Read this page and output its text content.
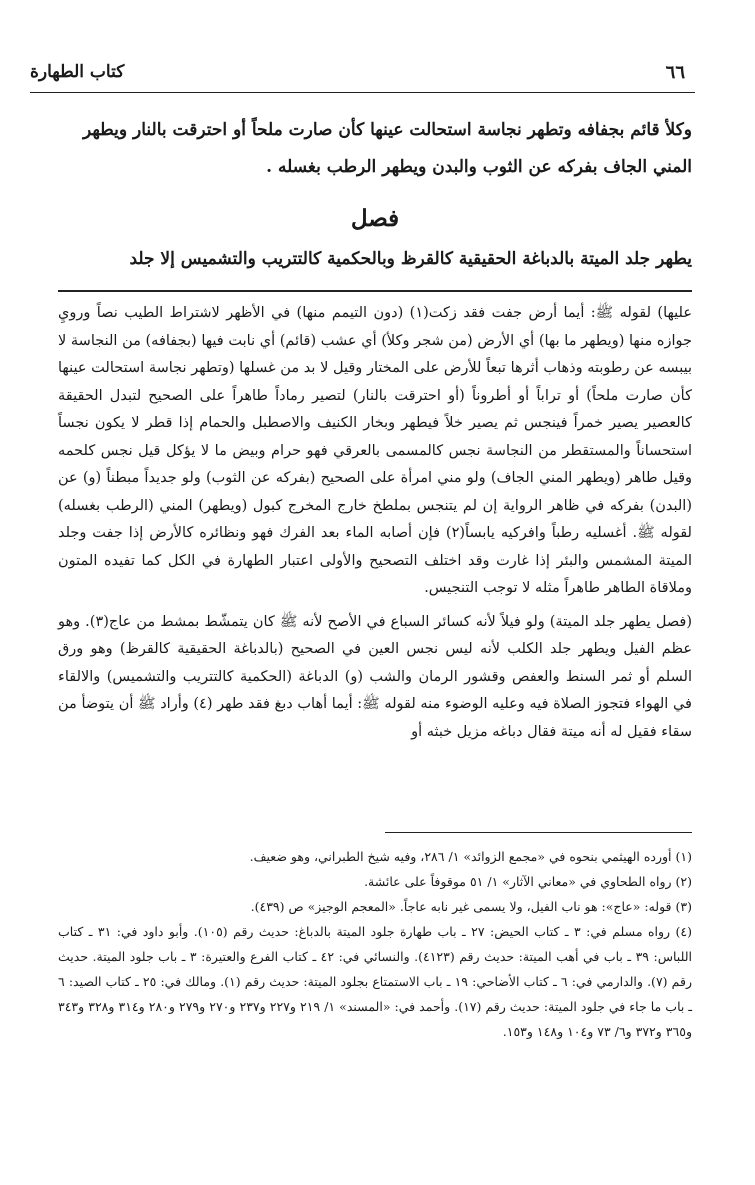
٦٦
كتاب الطهارة

وكلأ قائم بجفافه وتطهر نجاسة استحالت عينها كأن صارت ملحاً أو احترقت بالنار ويطهر

المني الجاف بفركه عن الثوب والبدن ويطهر الرطب بغسله .

فصل

يطهر جلد الميتة بالدباغة الحقيقية كالقرظ وبالحكمية كالتتريب والتشميس إلا جلد

عليها) لقوله ﷺ: أيما أرض جفت فقد زكت(١) (دون التيمم منها) في الأظهر لاشتراط الطيب نصاً ورويِ جوازه منها (ويطهر ما بها) أي الأرض (من شجر وكلأ) أي عشب (قائم) أي نابت فيها (بجفافه) من النجاسة لا بيبسه عن رطوبته وذهاب أثرها تبعاً للأرض على المختار وقيل لا بد من غسلها (وتطهر نجاسة استحالت عينها كأن صارت ملحاً) أو تراباً أو أطروناً (أو احترقت بالنار) لتصير رماداً طاهراً على الصحيح لتبدل الحقيقة كالعصير يصير خمراً فينجس ثم يصير خلاً فيطهر وبخار الكنيف والاصطبل والحمام إذا قطر لا يكون نجساً استحساناً والمستقطر من النجاسة نجس كالمسمى بالعرقي فهو حرام وبيض ما لا يؤكل قيل نجس كلحمه وقيل طاهر (ويطهر المني الجاف) ولو مني امرأة على الصحيح (بفركه عن الثوب) ولو جديداً مبطناً (و) عن (البدن) بفركه في ظاهر الرواية إن لم يتنجس بملطخ خارج المخرج كبول (ويطهر) المني (الرطب بغسله) لقوله ﷺ. أغسليه رطباً وافركيه يابساً(٢) فإن أصابه الماء بعد الفرك فهو ونظائره كالأرض إذا جفت وجلد الميتة المشمس والبئر إذا غارت وقد اختلف التصحيح والأولى اعتبار الطهارة في الكل كما تفيده المتون وملاقاة الطاهر طاهراً مثله لا توجب التنجيس.

(فصل يطهر جلد الميتة) ولو فيلاً لأنه كسائر السباع في الأصح لأنه ﷺ كان يتمشّط بمشط من عاج(٣). وهو عظم الفيل ويطهر جلد الكلب لأنه ليس نجس العين في الصحيح (بالدباغة الحقيقية كالقرظ) وهو ورق السلم أو ثمر السنط والعفص وقشور الرمان والشب (و) الدباغة (الحكمية كالتتريب والتشميس) والالقاء في الهواء فتجوز الصلاة فيه وعليه الوضوء منه لقوله ﷺ: أيما أهاب دبغ فقد طهر (٤) وأراد ﷺ أن يتوضأ من سقاء فقيل له أنه ميتة فقال دباغه مزيل خبثه أو

(١) أورده الهيثمي بنحوه في «مجمع الزوائد» ١/ ٢٨٦، وفيه شيخ الطبراني، وهو ضعيف.
(٢) رواه الطحاوي في «معاني الآثار» ١/ ٥١ موقوفاً على عائشة.
(٣) قوله: «عاج»: هو ناب الفيل، ولا يسمى غير نابه عاجاً. «المعجم الوجيز» ص (٤٣٩).
(٤) رواه مسلم في: ٣ ـ كتاب الحيض: ٢٧ ـ باب طهارة جلود الميتة بالدباغ: حديث رقم (١٠٥). وأبو داود في: ٣١ ـ كتاب اللباس: ٣٩ ـ باب في أهب الميتة: حديث رقم (٤١٢٣). والنسائي في: ٤٢ ـ كتاب الفرع والعتيرة: ٣ ـ باب جلود الميتة. حديث رقم (٧). والدارمي في: ٦ ـ كتاب الأضاحي: ١٩ ـ باب الاستمتاع بجلود الميتة: حديث رقم (١). ومالك في: ٢٥ ـ كتاب الصيد: ٦ ـ باب ما جاء في جلود الميتة: حديث رقم (١٧). وأحمد في: «المسند» ١/ ٢١٩ و٢٢٧ و٢٣٧ و٢٧٠ و٢٧٩ و٢٨٠ و٣١٤ و٣٢٨ و٣٤٣ و٣٦٥ و٣٧٢ و٦/ ٧٣ و١٠٤ و١٤٨ و١٥٣.
